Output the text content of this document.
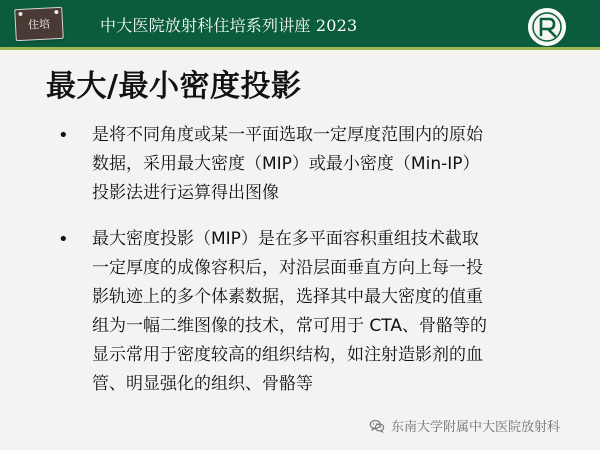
住培	中大医院放射科住培系列讲座 2023
最大/最小密度投影
• 是将不同角度或某一平面选取一定厚度范围内的原始
数据，采用最大密度（MIP）或最小密度（Min-IP）
投影法进行运算得出图像
• 最大密度投影（MIP）是在多平面容积重组技术截取
一定厚度的成像容积后，对沿层面垂直方向上每一投
影轨迹上的多个体素数据，选择其中最大密度的值重
组为一幅二维图像的技术，常可用于 CTA、骨骼等的
显示常用于密度较高的组织结构，如注射造影剂的血
管、明显强化的组织、骨骼等
东南大学附属中大医院放射科
